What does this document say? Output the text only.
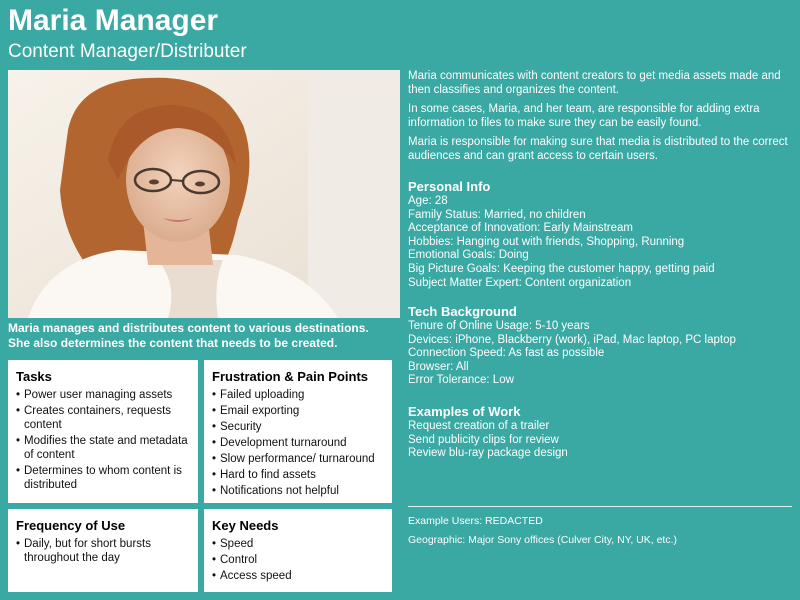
Maria Manager
Content Manager/Distributer
Maria manages and distributes content to various destinations.
She also determines the content that needs to be created.
Tasks
• Power user managing assets
• Creates containers, requests content
• Modifies the state and metadata of content
• Determines to whom content is distributed
Frustration & Pain Points
• Failed uploading
• Email exporting
• Security
• Development turnaround
• Slow performance/ turnaround
• Hard to find assets
• Notifications not helpful
Frequency of Use
• Daily, but for short bursts throughout the day
Key Needs
• Speed
• Control
• Access speed

Maria communicates with content creators to get media assets made and then classifies and organizes the content.

In some cases, Maria, and her team, are responsible for adding extra information to files to make sure they can be easily found.

Maria is responsible for making sure that media is distributed to the correct audiences and can grant access to certain users.

Personal Info
Age: 28
Family Status: Married, no children
Acceptance of Innovation: Early Mainstream
Hobbies: Hanging out with friends, Shopping, Running
Emotional Goals: Doing
Big Picture Goals: Keeping the customer happy, getting paid
Subject Matter Expert: Content organization
Tech Background
Tenure of Online Usage: 5-10 years
Devices: iPhone, Blackberry (work), iPad, Mac laptop, PC laptop
Connection Speed: As fast as possible
Browser: All
Error Tolerance: Low
Examples of Work
Request creation of a trailer
Send publicity clips for review
Review blu-ray package design
Example Users: REDACTED
Geographic: Major Sony offices (Culver City, NY, UK, etc.)
